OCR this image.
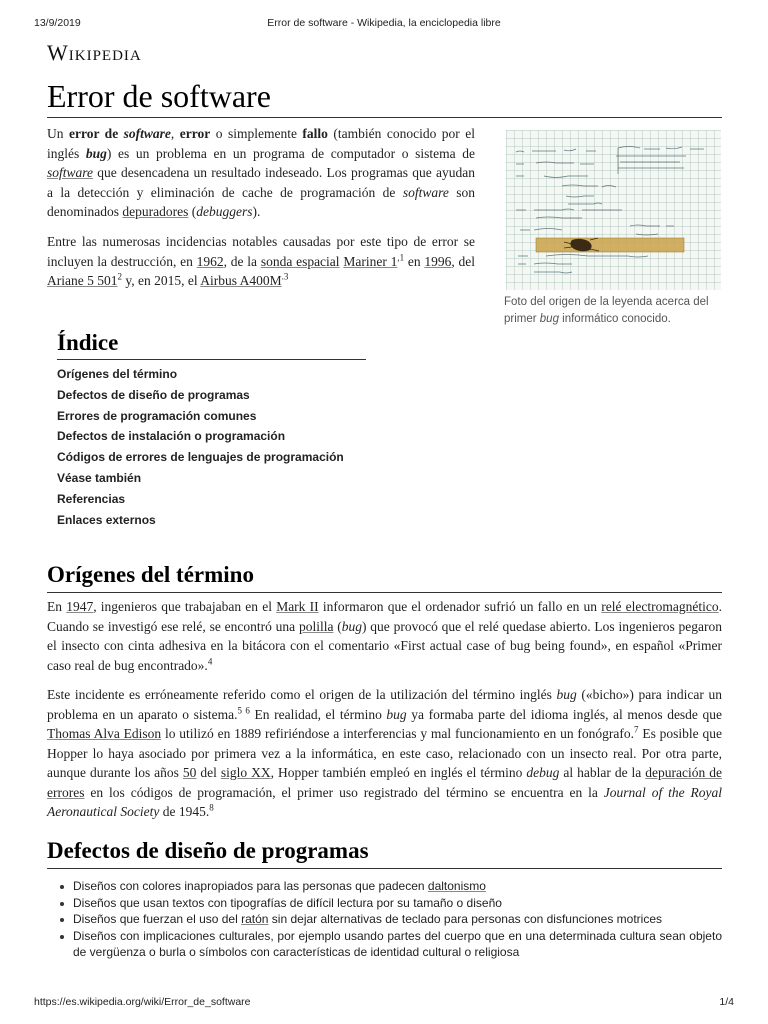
13/9/2019	Error de software - Wikipedia, la enciclopedia libre
Wikipedia
Error de software

Un error de software, error o simplemente fallo (también conocido por el inglés bug) es un problema en un programa de computador o sistema de software que desencadena un resultado indeseado. Los programas que ayudan a la detección y eliminación de cache de programación de software son denominados depuradores (debuggers).

Entre las numerosas incidencias notables causadas por este tipo de error se incluyen la destrucción, en 1962, de la sonda espacial Mariner $1^{,1}$ en 1996, del Ariane 5 $501^2$ y, en 2015, el Airbus $A400M^{.3}$

Foto del origen de la leyenda acerca del primer bug informático conocido.
Índice
Orígenes del término
Defectos de diseño de programas
Errores de programación comunes
Defectos de instalación o programación
Códigos de errores de lenguajes de programación
Véase también
Referencias
Enlaces externos
Orígenes del término

En 1947, ingenieros que trabajaban en el Mark II informaron que el ordenador sufrió un fallo en un relé electromagnético. Cuando se investigó ese relé, se encontró una polilla (bug) que provocó que el relé quedase abierto. Los ingenieros pegaron el insecto con cinta adhesiva en la bitácora con el comentario «First actual case of bug being found», en español «Primer caso real de bug encontrado».$^4$

Este incidente es erróneamente referido como el origen de la utilización del término inglés bug («bicho») para indicar un problema en un aparato o sistema.$^5$ $^6$ En realidad, el término bug ya formaba parte del idioma inglés, al menos desde que Thomas Alva Edison lo utilizó en 1889 refiriéndose a interferencias y mal funcionamiento en un fonógrafo.$^7$ Es posible que Hopper lo haya asociado por primera vez a la informática, en este caso, relacionado con un insecto real. Por otra parte, aunque durante los años 50 del siglo XX, Hopper también empleó en inglés el término debug al hablar de la depuración de errores en los códigos de programación, el primer uso registrado del término se encuentra en la Journal of the Royal Aeronautical Society de 1945.$^8$

Defectos de diseño de programas
Diseños con colores inapropiados para las personas que padecen daltonismo
Diseños que usan textos con tipografías de difícil lectura por su tamaño o diseño
Diseños que fuerzan el uso del ratón sin dejar alternativas de teclado para personas con disfunciones motrices
Diseños con implicaciones culturales, por ejemplo usando partes del cuerpo que en una determinada cultura sean objeto de vergüenza o burla o símbolos con características de identidad cultural o religiosa
https://es.wikipedia.org/wiki/Error_de_software	1/4
